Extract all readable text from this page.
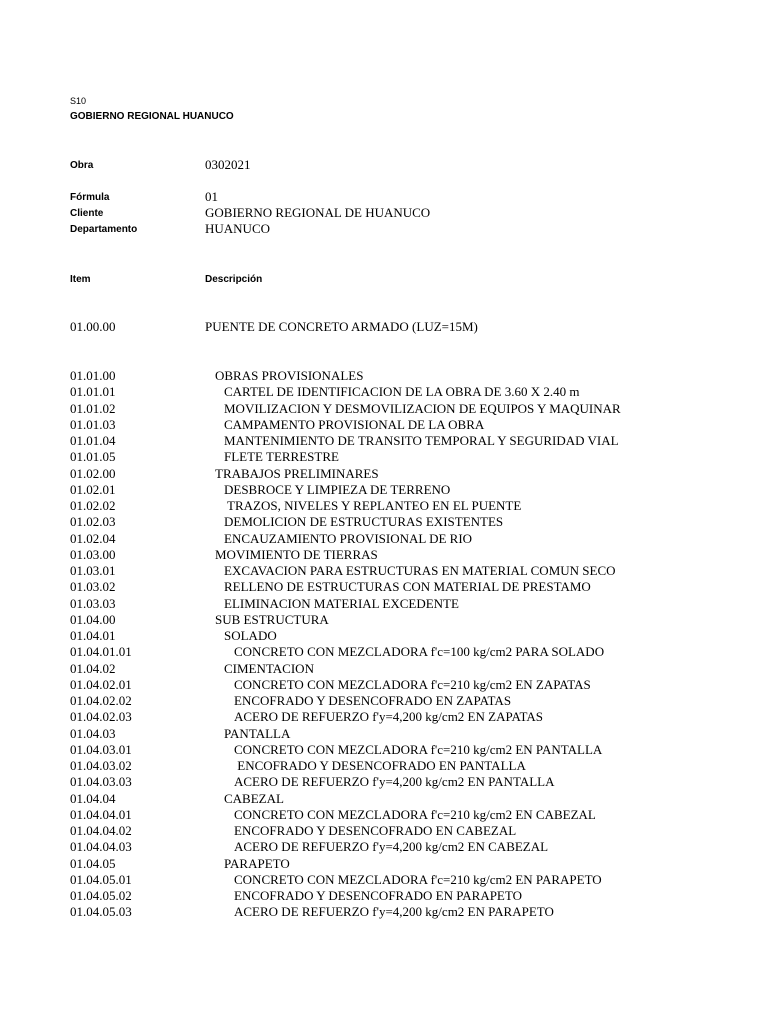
S10
GOBIERNO REGIONAL HUANUCO
Obra	0302021
Fórmula	01
Cliente	GOBIERNO REGIONAL DE HUANUCO
Departamento	HUANUCO
Item	Descripción
01.00.00	PUENTE DE CONCRETO ARMADO (LUZ=15M)
01.01.00	OBRAS PROVISIONALES
01.01.01	CARTEL DE IDENTIFICACION DE LA OBRA DE 3.60 X 2.40 m
01.01.02	MOVILIZACION Y DESMOVILIZACION DE EQUIPOS Y MAQUINAR
01.01.03	CAMPAMENTO PROVISIONAL DE LA OBRA
01.01.04	MANTENIMIENTO DE TRANSITO TEMPORAL Y SEGURIDAD VIAL
01.01.05	FLETE TERRESTRE
01.02.00	TRABAJOS PRELIMINARES
01.02.01	DESBROCE Y LIMPIEZA DE TERRENO
01.02.02	TRAZOS, NIVELES Y REPLANTEO EN EL PUENTE
01.02.03	DEMOLICION DE ESTRUCTURAS EXISTENTES
01.02.04	ENCAUZAMIENTO PROVISIONAL DE RIO
01.03.00	MOVIMIENTO DE TIERRAS
01.03.01	EXCAVACION PARA ESTRUCTURAS EN MATERIAL COMUN SECO
01.03.02	RELLENO DE ESTRUCTURAS CON MATERIAL DE PRESTAMO
01.03.03	ELIMINACION MATERIAL EXCEDENTE
01.04.00	SUB ESTRUCTURA
01.04.01	SOLADO
01.04.01.01	CONCRETO CON MEZCLADORA f'c=100 kg/cm2 PARA SOLADO
01.04.02	CIMENTACION
01.04.02.01	CONCRETO CON MEZCLADORA f'c=210 kg/cm2 EN ZAPATAS
01.04.02.02	ENCOFRADO Y DESENCOFRADO EN ZAPATAS
01.04.02.03	ACERO DE REFUERZO f'y=4,200 kg/cm2 EN ZAPATAS
01.04.03	PANTALLA
01.04.03.01	CONCRETO CON MEZCLADORA f'c=210 kg/cm2 EN PANTALLA
01.04.03.02	ENCOFRADO Y DESENCOFRADO EN PANTALLA
01.04.03.03	ACERO DE REFUERZO f'y=4,200 kg/cm2 EN PANTALLA
01.04.04	CABEZAL
01.04.04.01	CONCRETO CON MEZCLADORA f'c=210 kg/cm2 EN CABEZAL
01.04.04.02	ENCOFRADO Y DESENCOFRADO EN CABEZAL
01.04.04.03	ACERO DE REFUERZO f'y=4,200 kg/cm2 EN CABEZAL
01.04.05	PARAPETO
01.04.05.01	CONCRETO CON MEZCLADORA f'c=210 kg/cm2 EN PARAPETO
01.04.05.02	ENCOFRADO Y DESENCOFRADO EN PARAPETO
01.04.05.03	ACERO DE REFUERZO f'y=4,200 kg/cm2 EN PARAPETO
